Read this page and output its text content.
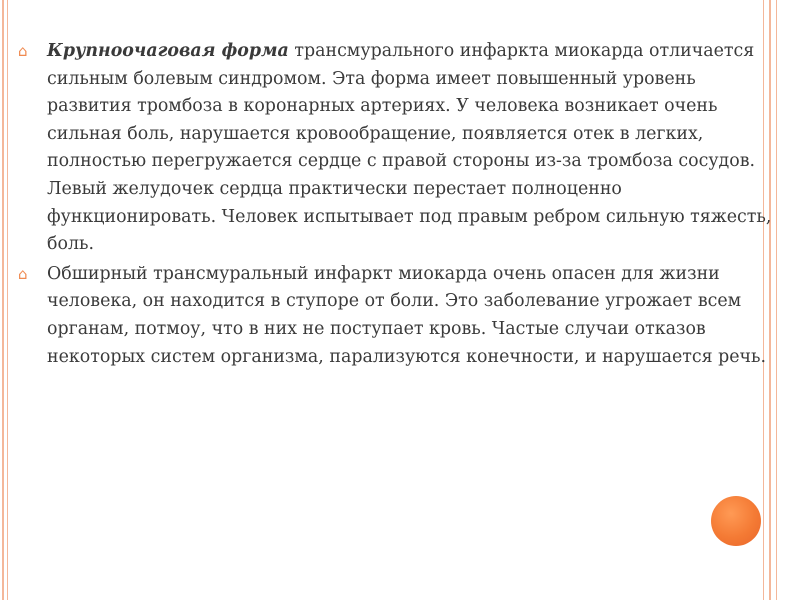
⌂ Крупноочаговая форма трансмурального инфаркта миокарда отличается сильным болевым синдромом. Эта форма имеет повышенный уровень развития тромбоза в коронарных артериях. У человека возникает очень сильная боль, нарушается кровообращение, появляется отек в легких, полностью перегружается сердце с правой стороны из-за тромбоза сосудов. Левый желудочек сердца практически перестает полноценно функционировать. Человек испытывает под правым ребром сильную тяжесть, боль.
⌂ Обширный трансмуральный инфаркт миокарда очень опасен для жизни человека, он находится в ступоре от боли. Это заболевание угрожает всем органам, потмоу, что в них не поступает кровь. Частые случаи отказов некоторых систем организма, парализуются конечности, и нарушается речь.
